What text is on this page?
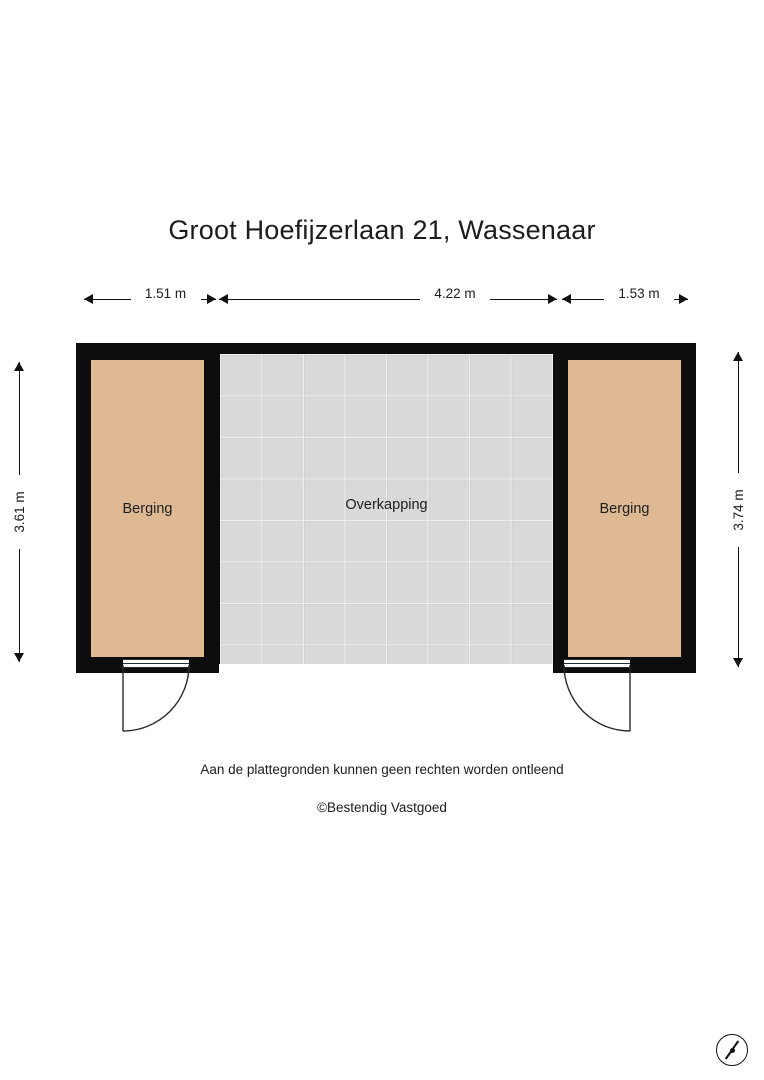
Groot Hoefijzerlaan 21, Wassenaar
1.51 m	4.22 m	1.53 m
3.61 m	3.74 m
Berging	Berging
Overkapping
Aan de plattegronden kunnen geen rechten worden ontleend
©Bestendig Vastgoed
